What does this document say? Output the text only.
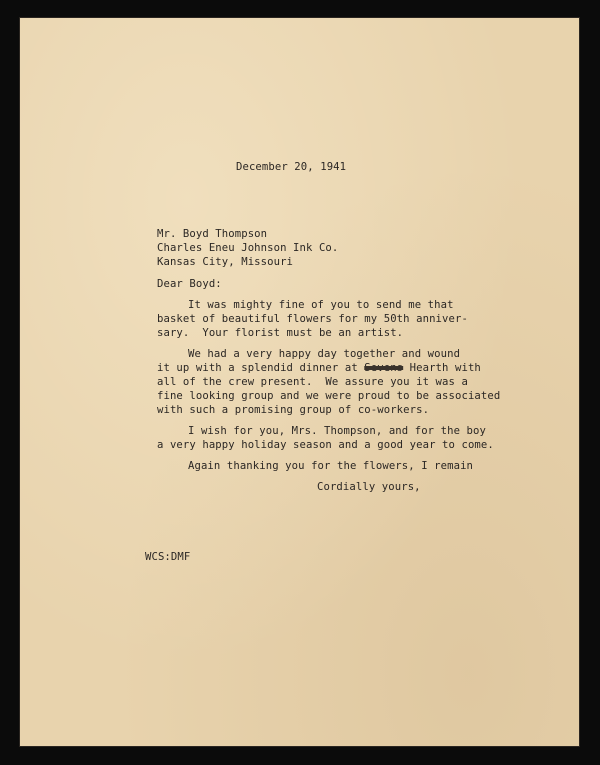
December 20, 1941
Mr. Boyd Thompson
Charles Eneu Johnson Ink Co.
Kansas City, Missouri
Dear Boyd:
It was mighty fine of you to send me that
basket of beautiful flowers for my 50th anniver-
sary.  Your florist must be an artist.
We had a very happy day together and wound
it up with a splendid dinner at Sevens Hearth with
all of the crew present.  We assure you it was a
fine looking group and we were proud to be associated
with such a promising group of co-workers.
I wish for you, Mrs. Thompson, and for the boy
a very happy holiday season and a good year to come.
Again thanking you for the flowers, I remain
Cordially yours,
WCS:DMF
